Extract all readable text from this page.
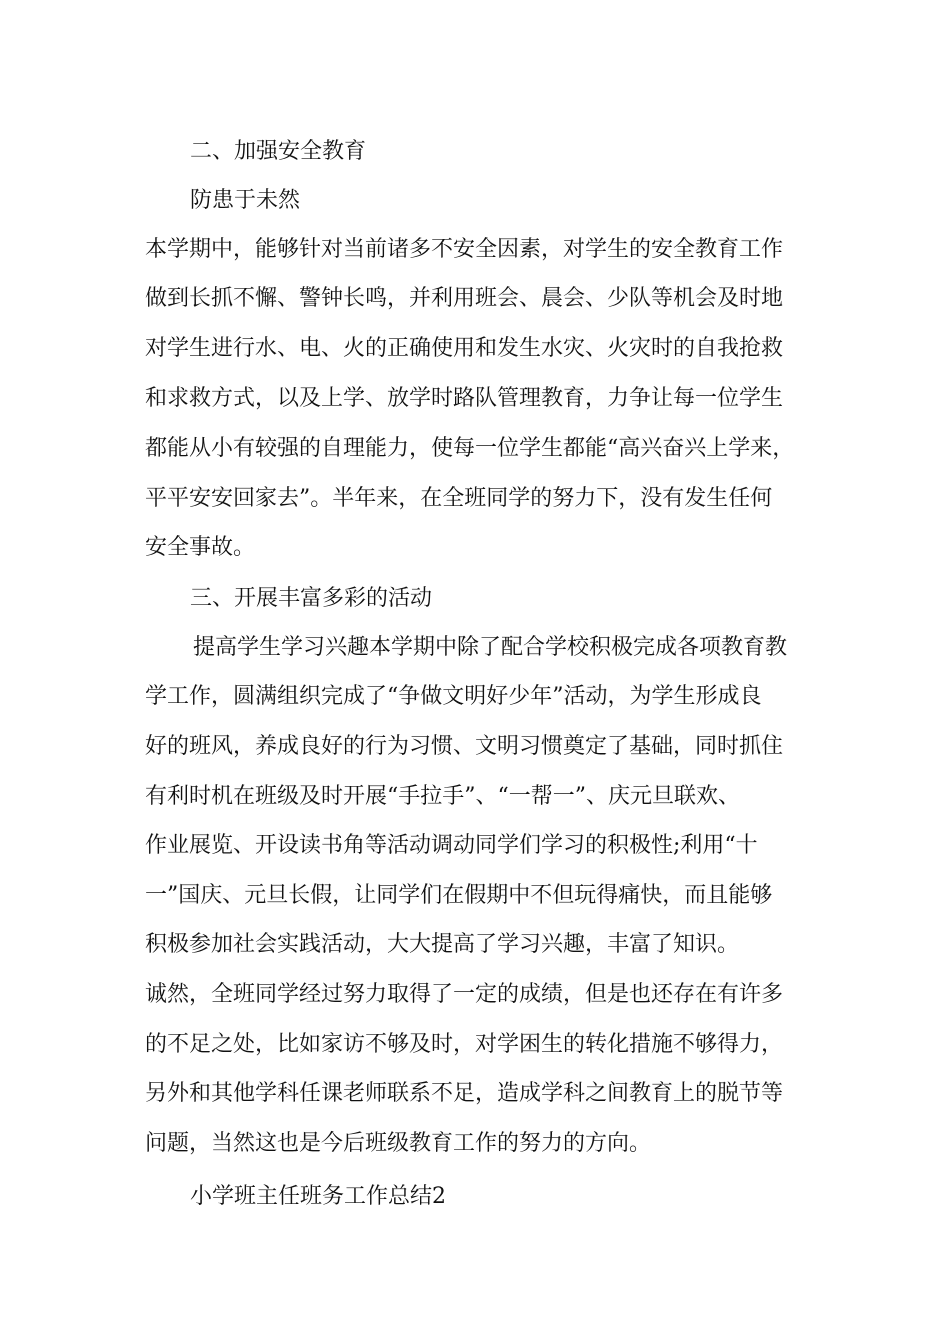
二、加强安全教育
防患于未然
本学期中，能够针对当前诸多不安全因素，对学生的安全教育工作
做到长抓不懈、警钟长鸣，并利用班会、晨会、少队等机会及时地
对学生进行水、电、火的正确使用和发生水灾、火灾时的自我抢救
和求救方式，以及上学、放学时路队管理教育，力争让每一位学生
都能从小有较强的自理能力，使每一位学生都能“高兴奋兴上学来，
平平安安回家去”。半年来，在全班同学的努力下，没有发生任何
安全事故。
三、开展丰富多彩的活动
提高学生学习兴趣本学期中除了配合学校积极完成各项教育教
学工作，圆满组织完成了“争做文明好少年”活动，为学生形成良
好的班风，养成良好的行为习惯、文明习惯奠定了基础，同时抓住
有利时机在班级及时开展“手拉手”、“一帮一”、庆元旦联欢、
作业展览、开设读书角等活动调动同学们学习的积极性;利用“十
一”国庆、元旦长假，让同学们在假期中不但玩得痛快，而且能够
积极参加社会实践活动，大大提高了学习兴趣，丰富了知识。
诚然，全班同学经过努力取得了一定的成绩，但是也还存在有许多
的不足之处，比如家访不够及时，对学困生的转化措施不够得力，
另外和其他学科任课老师联系不足，造成学科之间教育上的脱节等
问题，当然这也是今后班级教育工作的努力的方向。
小学班主任班务工作总结2
